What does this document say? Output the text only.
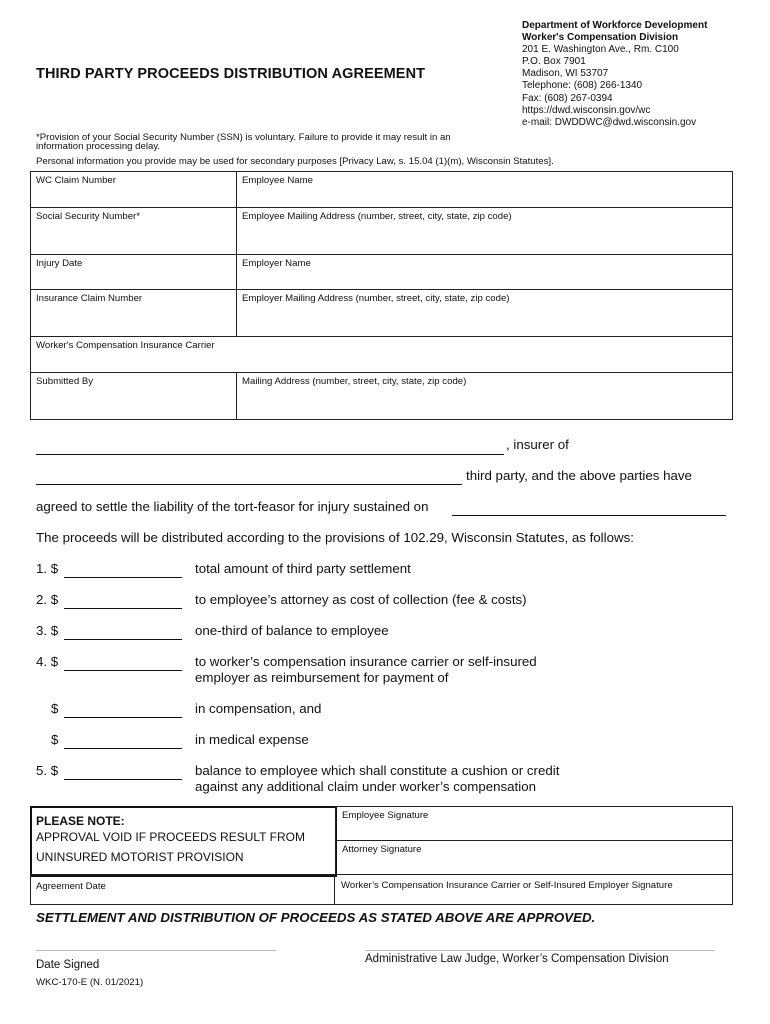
THIRD PARTY PROCEEDS DISTRIBUTION AGREEMENT
Department of Workforce Development
Worker's Compensation Division
201 E. Washington Ave., Rm. C100
P.O. Box 7901
Madison, WI 53707
Telephone: (608) 266-1340
Fax: (608) 267-0394
https://dwd.wisconsin.gov/wc
e-mail: DWDDWC@dwd.wisconsin.gov
*Provision of your Social Security Number (SSN) is voluntary. Failure to provide it may result in an
information processing delay.
Personal information you provide may be used for secondary purposes [Privacy Law, s. 15.04 (1)(m), Wisconsin Statutes].
WC Claim Number	Employee Name
Social Security Number*	Employee Mailing Address (number, street, city, state, zip code)
Injury Date	Employer Name
Insurance Claim Number	Employer Mailing Address (number, street, city, state, zip code)
Worker's Compensation Insurance Carrier	
Submitted By	Mailing Address (number, street, city, state, zip code)
, insurer of
third party, and the above parties have
agreed to settle the liability of the tort-feasor for injury sustained on
The proceeds will be distributed according to the provisions of 102.29, Wisconsin Statutes, as follows:
1. $	total amount of third party settlement
2. $	to employee’s attorney as cost of collection (fee & costs)
3. $	one-third of balance to employee
4. $	to worker’s compensation insurance carrier or self-insured
employer as reimbursement for payment of
$	in compensation, and
$	in medical expense
5. $	balance to employee which shall constitute a cushion or credit
against any additional claim under worker’s compensation
PLEASE NOTE:
APPROVAL VOID IF PROCEEDS RESULT FROM
UNINSURED MOTORIST PROVISION
Employee Signature
Attorney Signature
Agreement Date	Worker’s Compensation Insurance Carrier or Self-Insured Employer Signature
SETTLEMENT AND DISTRIBUTION OF PROCEEDS AS STATED ABOVE ARE APPROVED.
Date Signed	Administrative Law Judge, Worker’s Compensation Division
WKC-170-E (N. 01/2021)
